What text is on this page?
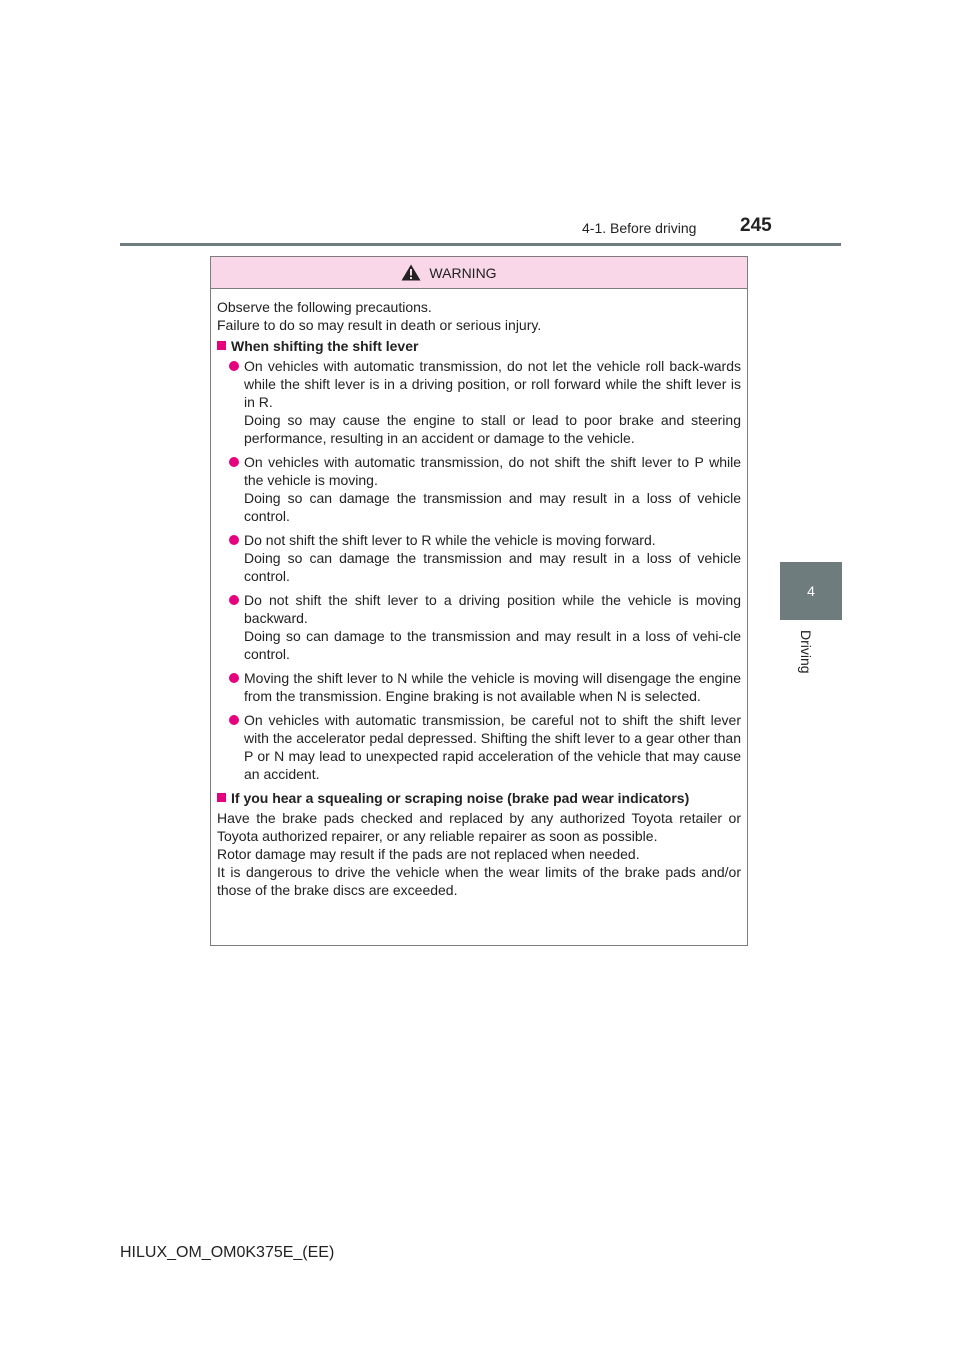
4-1. Before driving 245
4
Driving
WARNING

Observe the following precautions.
Failure to do so may result in death or serious injury.

When shifting the shift lever
On vehicles with automatic transmission, do not let the vehicle roll back-wards while the shift lever is in a driving position, or roll forward while the shift lever is in R.
Doing so may cause the engine to stall or lead to poor brake and steering performance, resulting in an accident or damage to the vehicle.
On vehicles with automatic transmission, do not shift the shift lever to P while the vehicle is moving.
Doing so can damage the transmission and may result in a loss of vehicle control.
Do not shift the shift lever to R while the vehicle is moving forward.
Doing so can damage the transmission and may result in a loss of vehicle control.
Do not shift the shift lever to a driving position while the vehicle is moving backward.
Doing so can damage to the transmission and may result in a loss of vehi-cle control.
Moving the shift lever to N while the vehicle is moving will disengage the engine from the transmission. Engine braking is not available when N is selected.
On vehicles with automatic transmission, be careful not to shift the shift lever with the accelerator pedal depressed. Shifting the shift lever to a gear other than P or N may lead to unexpected rapid acceleration of the vehicle that may cause an accident.
If you hear a squealing or scraping noise (brake pad wear indicators)

Have the brake pads checked and replaced by any authorized Toyota retailer or Toyota authorized repairer, or any reliable repairer as soon as possible.
Rotor damage may result if the pads are not replaced when needed.

It is dangerous to drive the vehicle when the wear limits of the brake pads and/or those of the brake discs are exceeded.

HILUX_OM_OM0K375E_(EE)
